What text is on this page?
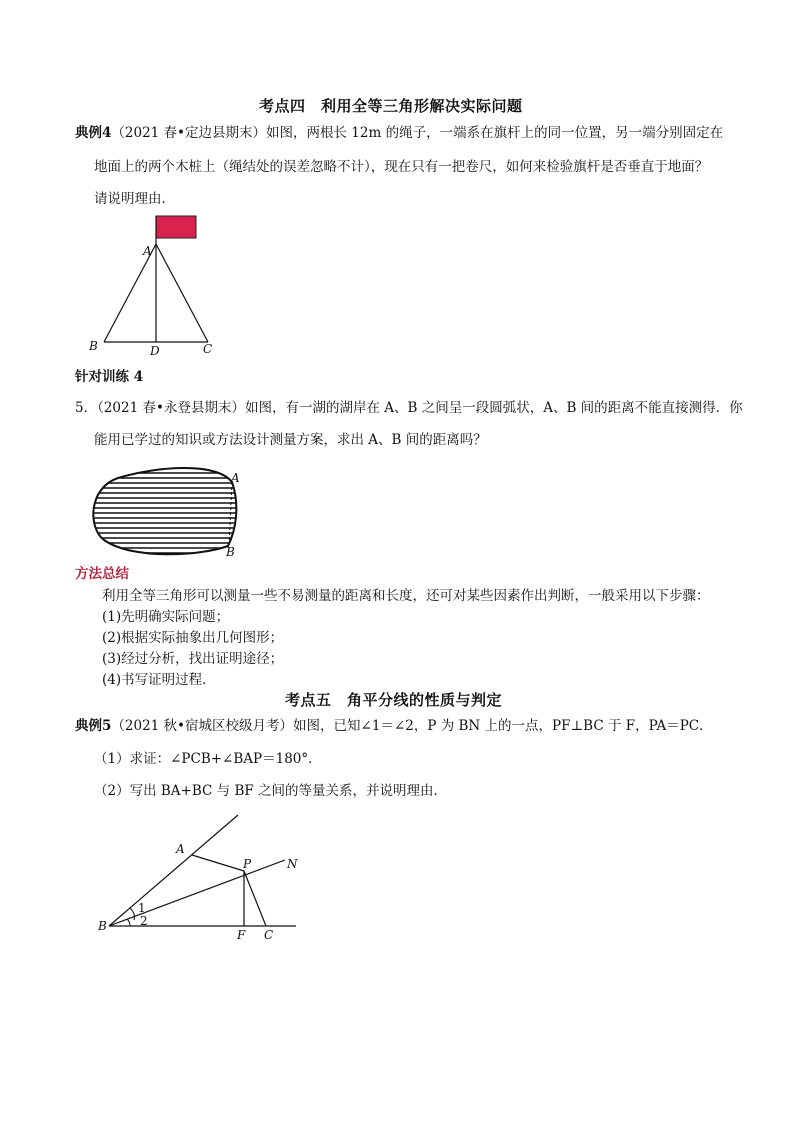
考点四　利用全等三角形解决实际问题
典例4（2021 春•定边县期末）如图，两根长 12m 的绳子，一端系在旗杆上的同一位置，另一端分别固定在
地面上的两个木桩上（绳结处的误差忽略不计），现在只有一把卷尺，如何来检验旗杆是否垂直于地面？
请说明理由．
A
B	D	C
针对训练 4
5．（2021 春•永登县期末）如图，有一湖的湖岸在 A、B 之间呈一段圆弧状，A、B 间的距离不能直接测得．你
能用已学过的知识或方法设计测量方案，求出 A、B 间的距离吗？
A
B
方法总结
利用全等三角形可以测量一些不易测量的距离和长度，还可对某些因素作出判断，一般采用以下步骤：
(1)先明确实际问题；
(2)根据实际抽象出几何图形；
(3)经过分析，找出证明途径；
(4)书写证明过程．
考点五　角平分线的性质与判定
典例5（2021 秋•宿城区校级月考）如图，已知∠1＝∠2，P 为 BN 上的一点，PF⊥BC 于 F，PA＝PC．
（1）求证：∠PCB+∠BAP＝180°．
（2）写出 BA+BC 与 BF 之间的等量关系，并说明理由．
A
P	N
B
F C
1
2
